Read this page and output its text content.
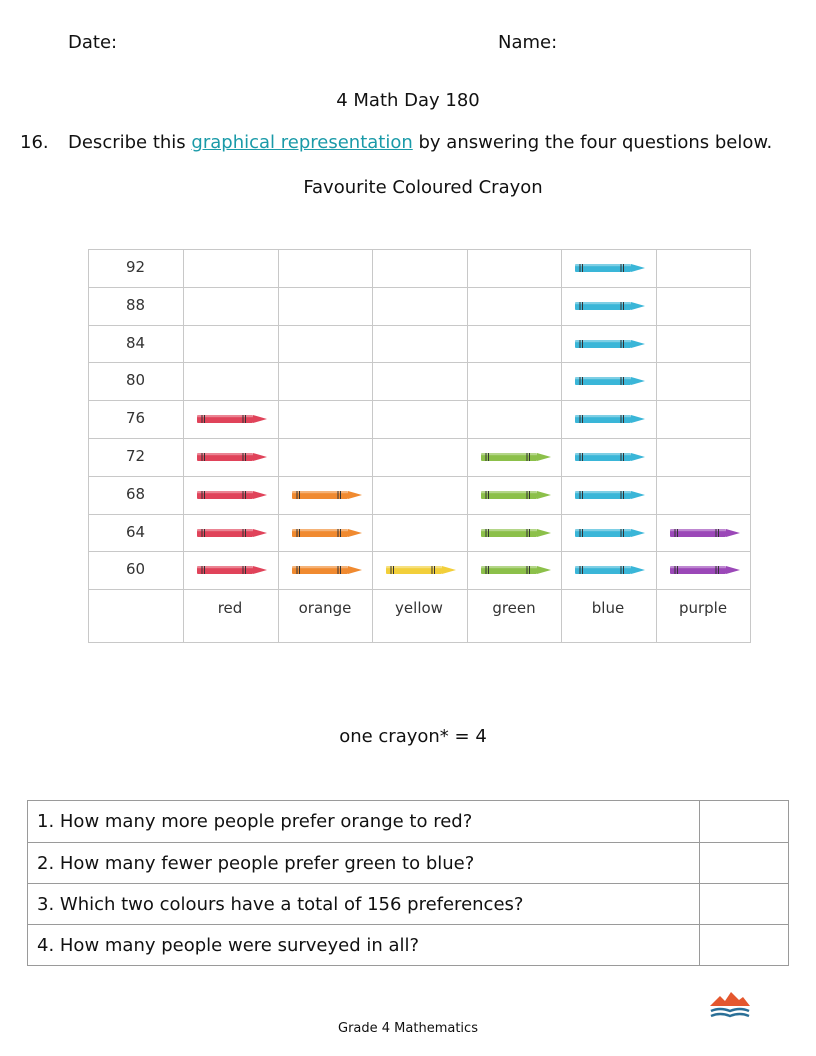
Date:	Name:
4 Math Day 180
16. Describe this graphical representation by answering the four questions below.
Favourite Coloured Crayon
92
88
84
80
76
72
68
64
60
red	orange	yellow	green	blue	purple
one crayon* = 4
1. How many more people prefer orange to red?
2. How many fewer people prefer green to blue?
3. Which two colours have a total of 156 preferences?
4. How many people were surveyed in all?
Grade 4 Mathematics
